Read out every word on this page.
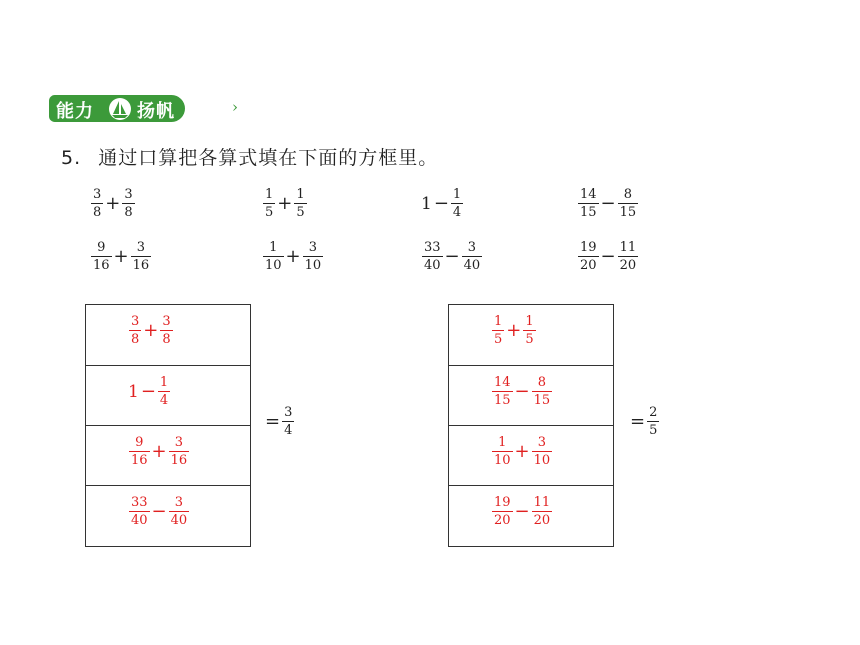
能力 扬帆	›
5. 通过口算把各算式填在下面的方框里。
$\frac{3}{8} + \frac{3}{8}$	$\frac{1}{5} + \frac{1}{5}$	$1 - \frac{1}{4}$	$\frac{14}{15} - \frac{8}{15}$
$\frac{9}{16} + \frac{3}{16}$	$\frac{1}{10} + \frac{3}{10}$	$\frac{33}{40} - \frac{3}{40}$	$\frac{19}{20} - \frac{11}{20}$
$\frac{3}{8} + \frac{3}{8}$
$1 - \frac{1}{4}$
$\frac{9}{16} + \frac{3}{16}$
$\frac{33}{40} - \frac{3}{40}$
= $\frac{3}{4}$
$\frac{1}{5} + \frac{1}{5}$
$\frac{14}{15} - \frac{8}{15}$
$\frac{1}{10} + \frac{3}{10}$
$\frac{19}{20} - \frac{11}{20}$
= $\frac{2}{5}$
